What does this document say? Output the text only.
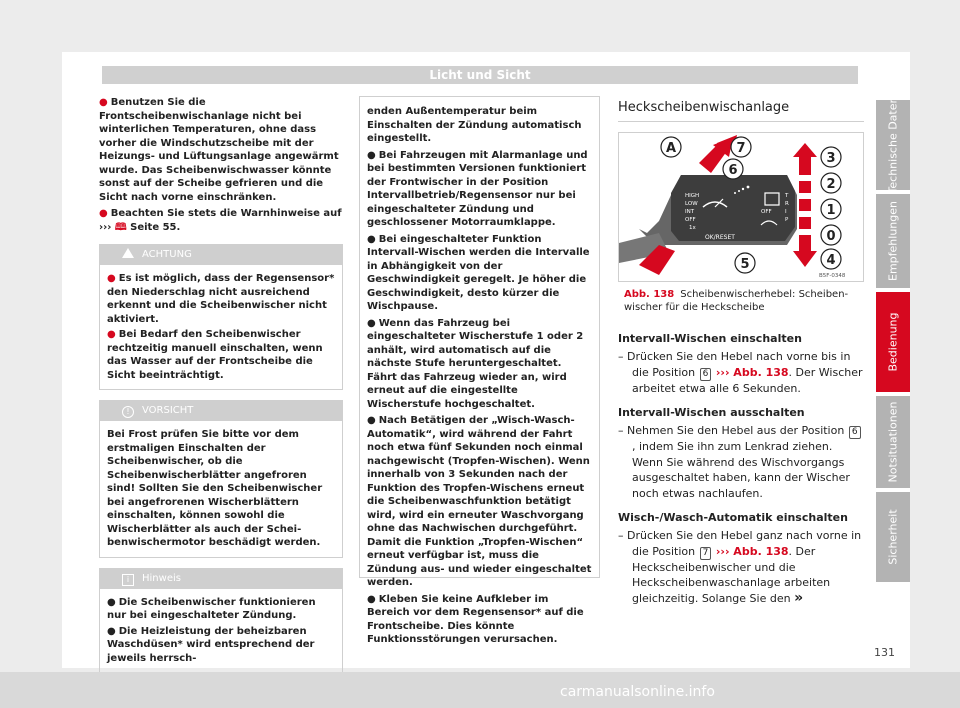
Licht und Sicht

● Benutzen Sie die Frontscheibenwischanlage nicht bei winterlichen Temperaturen, ohne dass vorher die Windschutzscheibe mit der Heizungs- und Lüftungsanlage angewärmt wurde. Das Scheibenwischwasser könnte sonst auf der Scheibe gefrieren und die Sicht nach vorne einschränken.

● Beachten Sie stets die Warnhinweise auf ››› 🕮 Seite 55.

ACHTUNG

● Es ist möglich, dass der Regensensor* den Niederschlag nicht ausreichend erkennt und die Scheibenwischer nicht aktiviert.

● Bei Bedarf den Scheibenwischer rechtzeitig manuell einschalten, wenn das Wasser auf der Frontscheibe die Sicht beeinträchtigt.

! VORSICHT

Bei Frost prüfen Sie bitte vor dem erstmaligen Einschalten der Scheibenwischer, ob die Scheibenwischerblätter angefroren sind! Sollten Sie den Scheibenwischer bei angefrorenen Wischerblättern einschalten, können sowohl die Wischerblätter als auch der Scheibenwischermotor beschädigt werden.

i Hinweis

● Die Scheibenwischer funktionieren nur bei eingeschalteter Zündung.

● Die Heizleistung der beheizbaren Waschdüsen* wird entsprechend der jeweils herrsch-

enden Außentemperatur beim Einschalten der Zündung automatisch eingestellt.

● Bei Fahrzeugen mit Alarmanlage und bei bestimmten Versionen funktioniert der Frontwischer in der Position Intervallbetrieb/Regensensor nur bei eingeschalteter Zündung und geschlossener Motorraumklappe.

● Bei eingeschalteter Funktion Intervall-Wischen werden die Intervalle in Abhängigkeit von der Geschwindigkeit geregelt. Je höher die Geschwindigkeit, desto kürzer die Wischpause.

● Wenn das Fahrzeug bei eingeschalteter Wischerstufe 1 oder 2 anhält, wird automatisch auf die nächste Stufe heruntergeschaltet. Fährt das Fahrzeug wieder an, wird erneut auf die eingestellte Wischerstufe hochgeschaltet.

● Nach Betätigen der „Wisch-Wasch-Automatik“, wird während der Fahrt noch etwa fünf Sekunden noch einmal nachgewischt (Tropfen-Wischen). Wenn innerhalb von 3 Sekunden nach der Funktion des Tropfen-Wischens erneut die Scheibenwaschfunktion betätigt wird, wird ein erneuter Waschvorgang ohne das Nachwischen durchgeführt. Damit die Funktion „Tropfen-Wischen“ erneut verfügbar ist, muss die Zündung aus- und wieder eingeschaltet werden.

● Kleben Sie keine Aufkleber im Bereich vor dem Regensensor* auf die Frontscheibe. Dies könnte Funktionsstörungen verursachen.

Heckscheibenwischanlage
HIGH
LOW
INT
OFF
1x
OK/RESET
OFF
T
R
I
P
A	7
6
3
2
1
0
4
5
B5F-0348
Abb. 138 Scheibenwischerhebel: Scheibenwischer für die Heckscheibe
Intervall-Wischen einschalten

– Drücken Sie den Hebel nach vorne bis in die Position 6 ››› Abb. 138. Der Wischer arbeitet etwa alle 6 Sekunden.

Intervall-Wischen ausschalten

– Nehmen Sie den Hebel aus der Position 6, indem Sie ihn zum Lenkrad ziehen. Wenn Sie während des Wischvorgangs ausgeschaltet haben, kann der Wischer noch etwas nachlaufen.

Wisch-/Wasch-Automatik einschalten

– Drücken Sie den Hebel ganz nach vorne in die Position 7 ››› Abb. 138. Der Heckscheibenwischer und die Heckscheibenwaschanlage arbeiten gleichzeitig. Solange Sie den »

Technische Daten
Empfehlungen
Bedienung
Notsituationen
Sicherheit
131
carmanualsonline.info
